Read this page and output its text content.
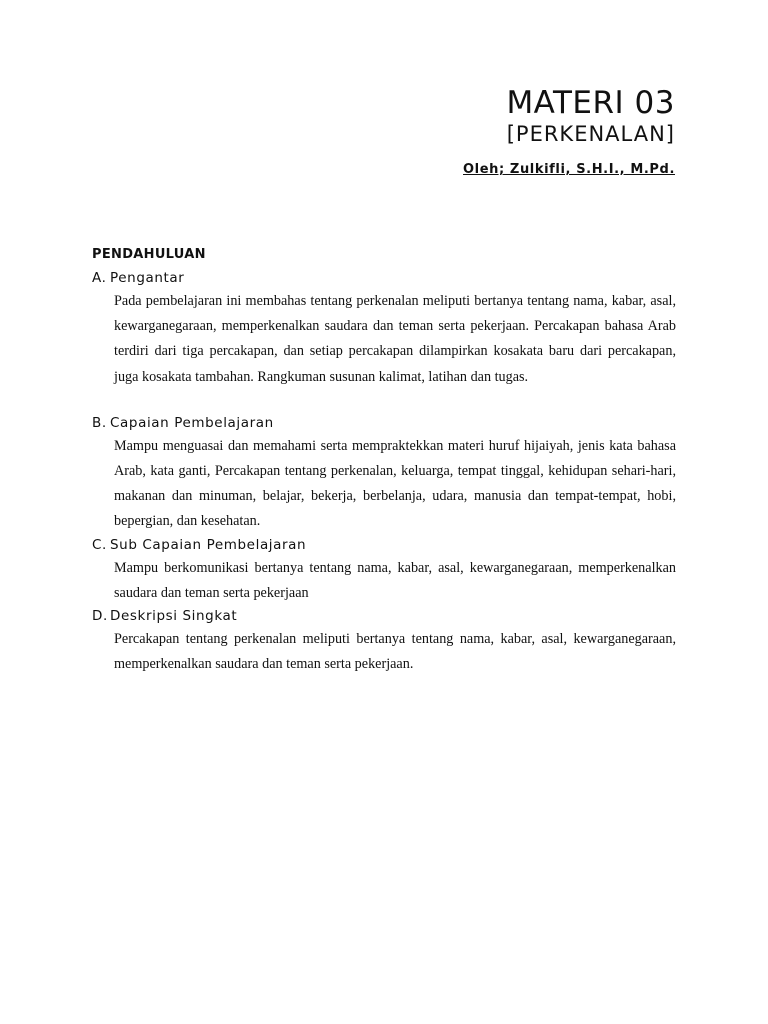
MATERI 03
[PERKENALAN]
Oleh; Zulkifli, S.H.I., M.Pd.
PENDAHULUAN
A. Pengantar
Pada pembelajaran ini membahas tentang perkenalan meliputi bertanya tentang nama, kabar, asal, kewarganegaraan, memperkenalkan saudara dan teman serta pekerjaan. Percakapan bahasa Arab terdiri dari tiga percakapan, dan setiap percakapan dilampirkan kosakata baru dari percakapan, juga kosakata tambahan. Rangkuman susunan kalimat, latihan dan tugas.
B. Capaian Pembelajaran
Mampu menguasai dan memahami serta mempraktekkan materi huruf hijaiyah, jenis kata bahasa Arab, kata ganti, Percakapan tentang perkenalan, keluarga, tempat tinggal, kehidupan sehari-hari, makanan dan minuman, belajar, bekerja, berbelanja, udara, manusia dan tempat-tempat, hobi, bepergian, dan kesehatan.
C. Sub Capaian Pembelajaran
Mampu berkomunikasi bertanya tentang nama, kabar, asal, kewarganegaraan, memperkenalkan saudara dan teman serta pekerjaan
D. Deskripsi Singkat
Percakapan tentang perkenalan meliputi bertanya tentang nama, kabar, asal, kewarganegaraan, memperkenalkan saudara dan teman serta pekerjaan.
